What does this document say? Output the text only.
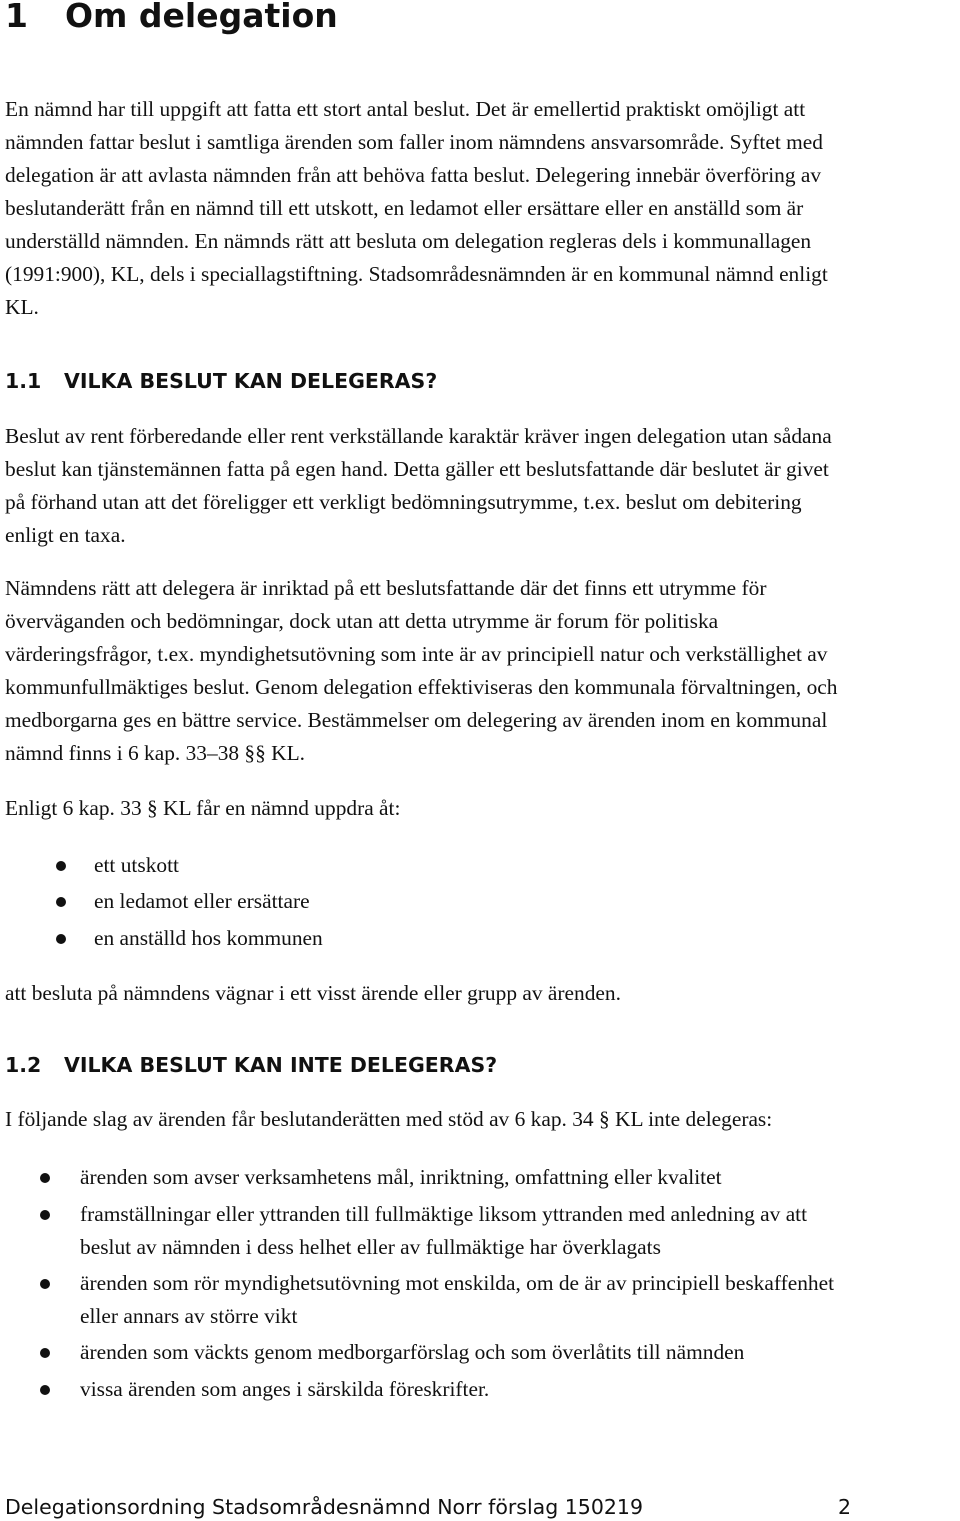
1 Om delegation
En nämnd har till uppgift att fatta ett stort antal beslut. Det är emellertid praktiskt omöjligt att
nämnden fattar beslut i samtliga ärenden som faller inom nämndens ansvarsområde. Syftet med
delegation är att avlasta nämnden från att behöva fatta beslut. Delegering innebär överföring av
beslutanderätt från en nämnd till ett utskott, en ledamot eller ersättare eller en anställd som är
underställd nämnden. En nämnds rätt att besluta om delegation regleras dels i kommunallagen
(1991:900), KL, dels i speciallagstiftning. Stadsområdesnämnden är en kommunal nämnd enligt
KL.
1.1 VILKA BESLUT KAN DELEGERAS?
Beslut av rent förberedande eller rent verkställande karaktär kräver ingen delegation utan sådana
beslut kan tjänstemännen fatta på egen hand. Detta gäller ett beslutsfattande där beslutet är givet
på förhand utan att det föreligger ett verkligt bedömningsutrymme, t.ex. beslut om debitering
enligt en taxa.
Nämndens rätt att delegera är inriktad på ett beslutsfattande där det finns ett utrymme för
överväganden och bedömningar, dock utan att detta utrymme är forum för politiska
värderingsfrågor, t.ex. myndighetsutövning som inte är av principiell natur och verkställighet av
kommunfullmäktiges beslut. Genom delegation effektiviseras den kommunala förvaltningen, och
medborgarna ges en bättre service. Bestämmelser om delegering av ärenden inom en kommunal
nämnd finns i 6 kap. 33–38 §§ KL.
Enligt 6 kap. 33 § KL får en nämnd uppdra åt:
ett utskott
en ledamot eller ersättare
en anställd hos kommunen
att besluta på nämndens vägnar i ett visst ärende eller grupp av ärenden.
1.2 VILKA BESLUT KAN INTE DELEGERAS?
I följande slag av ärenden får beslutanderätten med stöd av 6 kap. 34 § KL inte delegeras:
ärenden som avser verksamhetens mål, inriktning, omfattning eller kvalitet
framställningar eller yttranden till fullmäktige liksom yttranden med anledning av att
beslut av nämnden i dess helhet eller av fullmäktige har överklagats
ärenden som rör myndighetsutövning mot enskilda, om de är av principiell beskaffenhet
eller annars av större vikt
ärenden som väckts genom medborgarförslag och som överlåtits till nämnden
vissa ärenden som anges i särskilda föreskrifter.
Delegationsordning Stadsområdesnämnd Norr förslag 150219	2
